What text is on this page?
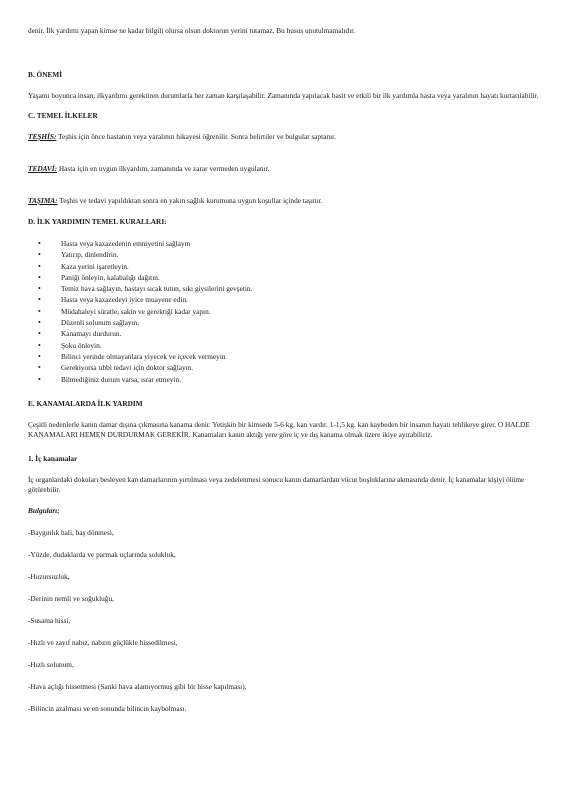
denir. İlk yardımı yapan kimse ne kadar bilgili olursa olsun doktorun yerini tutamaz. Bu husus unutulmamalıdır.

B. ÖNEMİ

Yaşamı boyunca insan, ilkyardımı gerektiren durumlarla her zaman karşılaşabilir. Zamanında yapılacak basit ve etkili bir ilk yardımla hasta veya yaralının hayatı kurtarılabilir.

C. TEMEL İLKELER

TEŞHİS: Teşhis için önce hastanın veya yaralının hikayesi öğrenilir. Sonra belirtiler ve bulgular saptanır.

TEDAVİ: Hasta için en uygun ilkyardım, zamanında ve zarar vermeden uygulanır.

TAŞIMA: Teşhis ve tedavi yapıldıktan sonra en yakın sağlık kurumuna uygun koşullar içinde taşınır.

D. İLK YARDIMIN TEMEL KURALLARI:

• Hasta veya kazazedenin emniyetini sağlayın
• Yatırıp, dinlendirin.
• Kaza yerini işaretleyin.
• Paniği önleyin, kalabalığı dağıtın.
• Temiz hava sağlayın, hastayı sıcak tutun, sıkı giysilerini gevşetin.
• Hasta veya kazazedeyi iyice muayene edin.
• Müdahaleyi süratle, sakin ve gerektiği kadar yapın.
• Düzenli solunum sağlayın.
• Kanamayı durdurun.
• Şoku önleyin.
• Bilinci yerinde olmayanlara yiyecek ve içecek vermeyin
• Gerekiyorsa tıbbi tedavi için doktor sağlayın.
• Bilmediğiniz durum varsa, ısrar etmeyin.

E. KANAMALARDA İLK YARDIM

Çeşitli nedenlerle kanın damar dışına çıkmasına kanama denir. Yetişkin bir kimsede 5-6 kg. kan vardır. 1-1,5 kg. kan kaybeden bir insanın hayatı tehlikeye girer. O HALDE KANAMALARI HEMEN DURDURMAK GEREKİR. Kanamaları kanın aktığı yere göre iç ve dış kanama olmak üzere ikiye ayırabiliriz.

1. İç kanamalar

İç organlardaki dokuları besleyen kan damarlarının yırtılması veya zedelenmesi sonucu kanın damarlardan vücut boşluklarına akmasında denir. İç kanamalar kişiyi ölüme götürebilir.

Bulguları;

-Baygınlık hali, baş dönmesi,

-Yüzde, dudaklarda ve parmak uçlarında solukluk,

-Huzursuzluk,

-Derinin nemli ve soğukluğu,

-Susama hissi,

-Hızlı ve zayıf nabız, nabzın güçlükle hissedilmesi,

-Hızlı solunum,

-Hava açlığı hissetmesi (Sanki hava alamıyormuş gibi bir hisse kapılması),

-Bilincin azalması ve en sonunda bilincin kaybolması.
